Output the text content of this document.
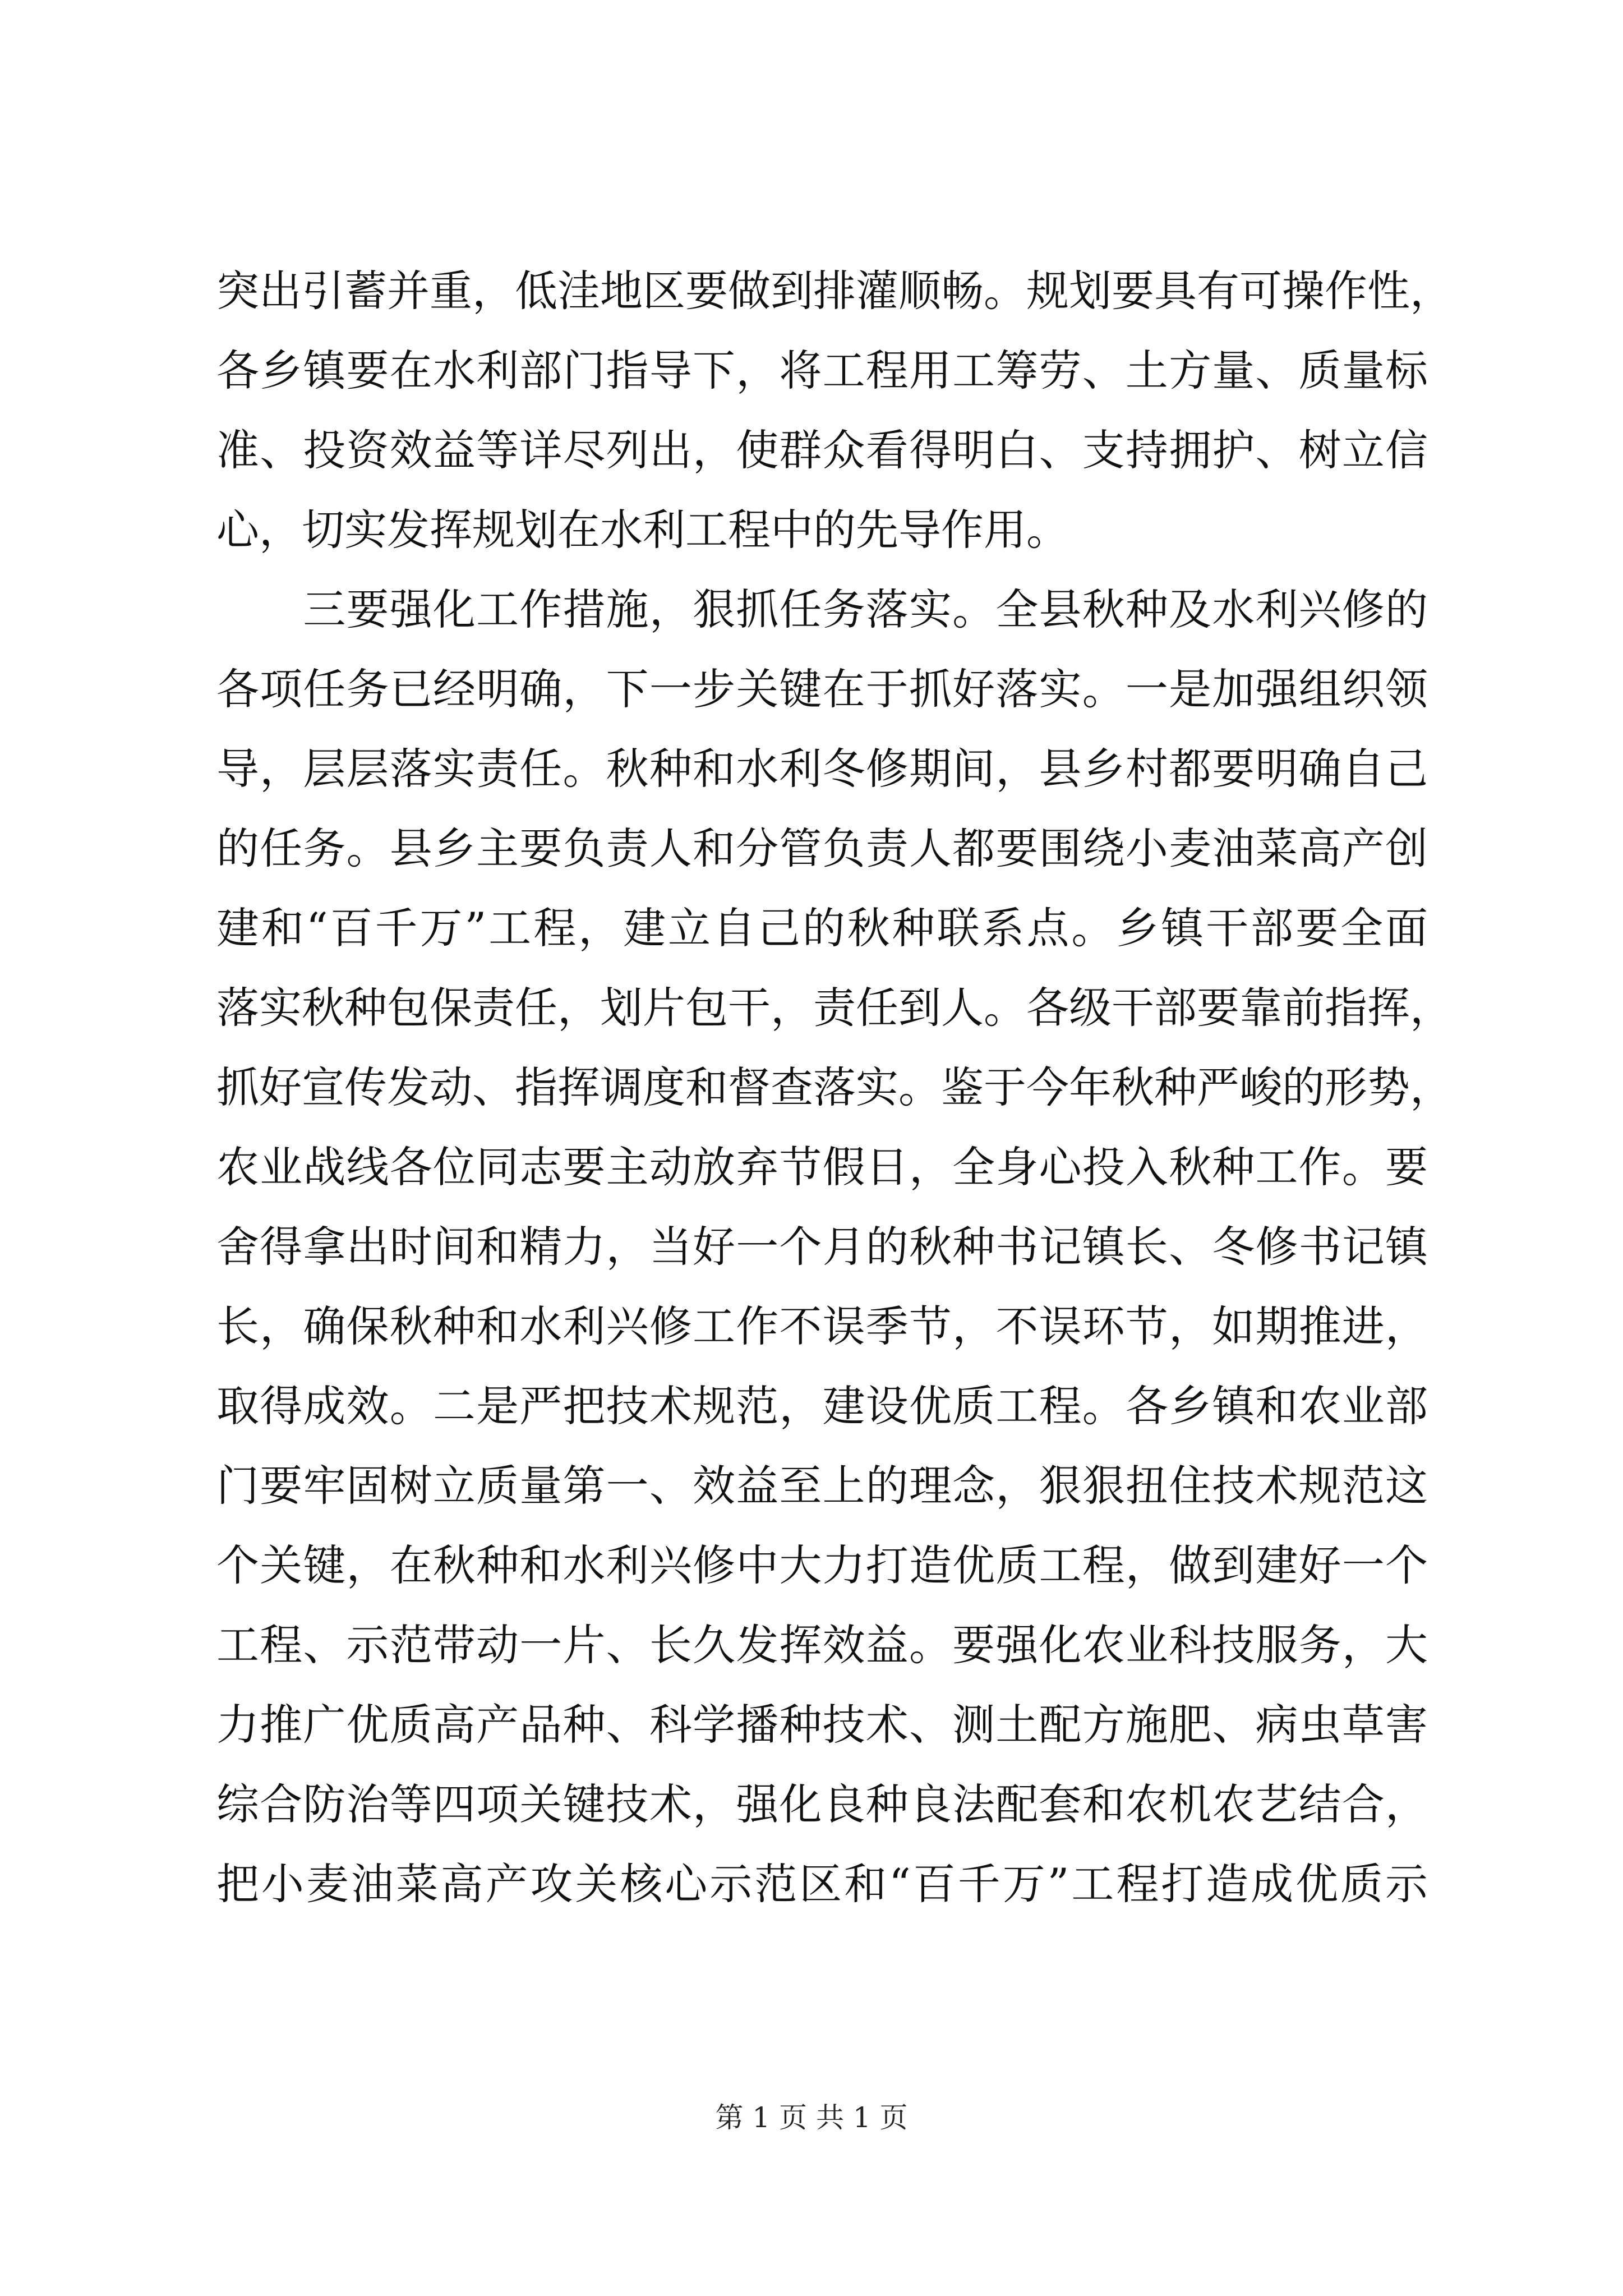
突出引蓄并重，低洼地区要做到排灌顺畅。规划要具有可操作性，
各乡镇要在水利部门指导下，将工程用工筹劳、土方量、质量标
准、投资效益等详尽列出，使群众看得明白、支持拥护、树立信
心，切实发挥规划在水利工程中的先导作用。
　　三要强化工作措施，狠抓任务落实。全县秋种及水利兴修的
各项任务已经明确，下一步关键在于抓好落实。一是加强组织领
导，层层落实责任。秋种和水利冬修期间，县乡村都要明确自己
的任务。县乡主要负责人和分管负责人都要围绕小麦油菜高产创
建和“百千万”工程，建立自己的秋种联系点。乡镇干部要全面
落实秋种包保责任，划片包干，责任到人。各级干部要靠前指挥，
抓好宣传发动、指挥调度和督查落实。鉴于今年秋种严峻的形势，
农业战线各位同志要主动放弃节假日，全身心投入秋种工作。要
舍得拿出时间和精力，当好一个月的秋种书记镇长、冬修书记镇
长，确保秋种和水利兴修工作不误季节，不误环节，如期推进，
取得成效。二是严把技术规范，建设优质工程。各乡镇和农业部
门要牢固树立质量第一、效益至上的理念，狠狠扭住技术规范这
个关键，在秋种和水利兴修中大力打造优质工程，做到建好一个
工程、示范带动一片、长久发挥效益。要强化农业科技服务，大
力推广优质高产品种、科学播种技术、测土配方施肥、病虫草害
综合防治等四项关键技术，强化良种良法配套和农机农艺结合，
把小麦油菜高产攻关核心示范区和“百千万”工程打造成优质示
第 1 页 共 1 页
